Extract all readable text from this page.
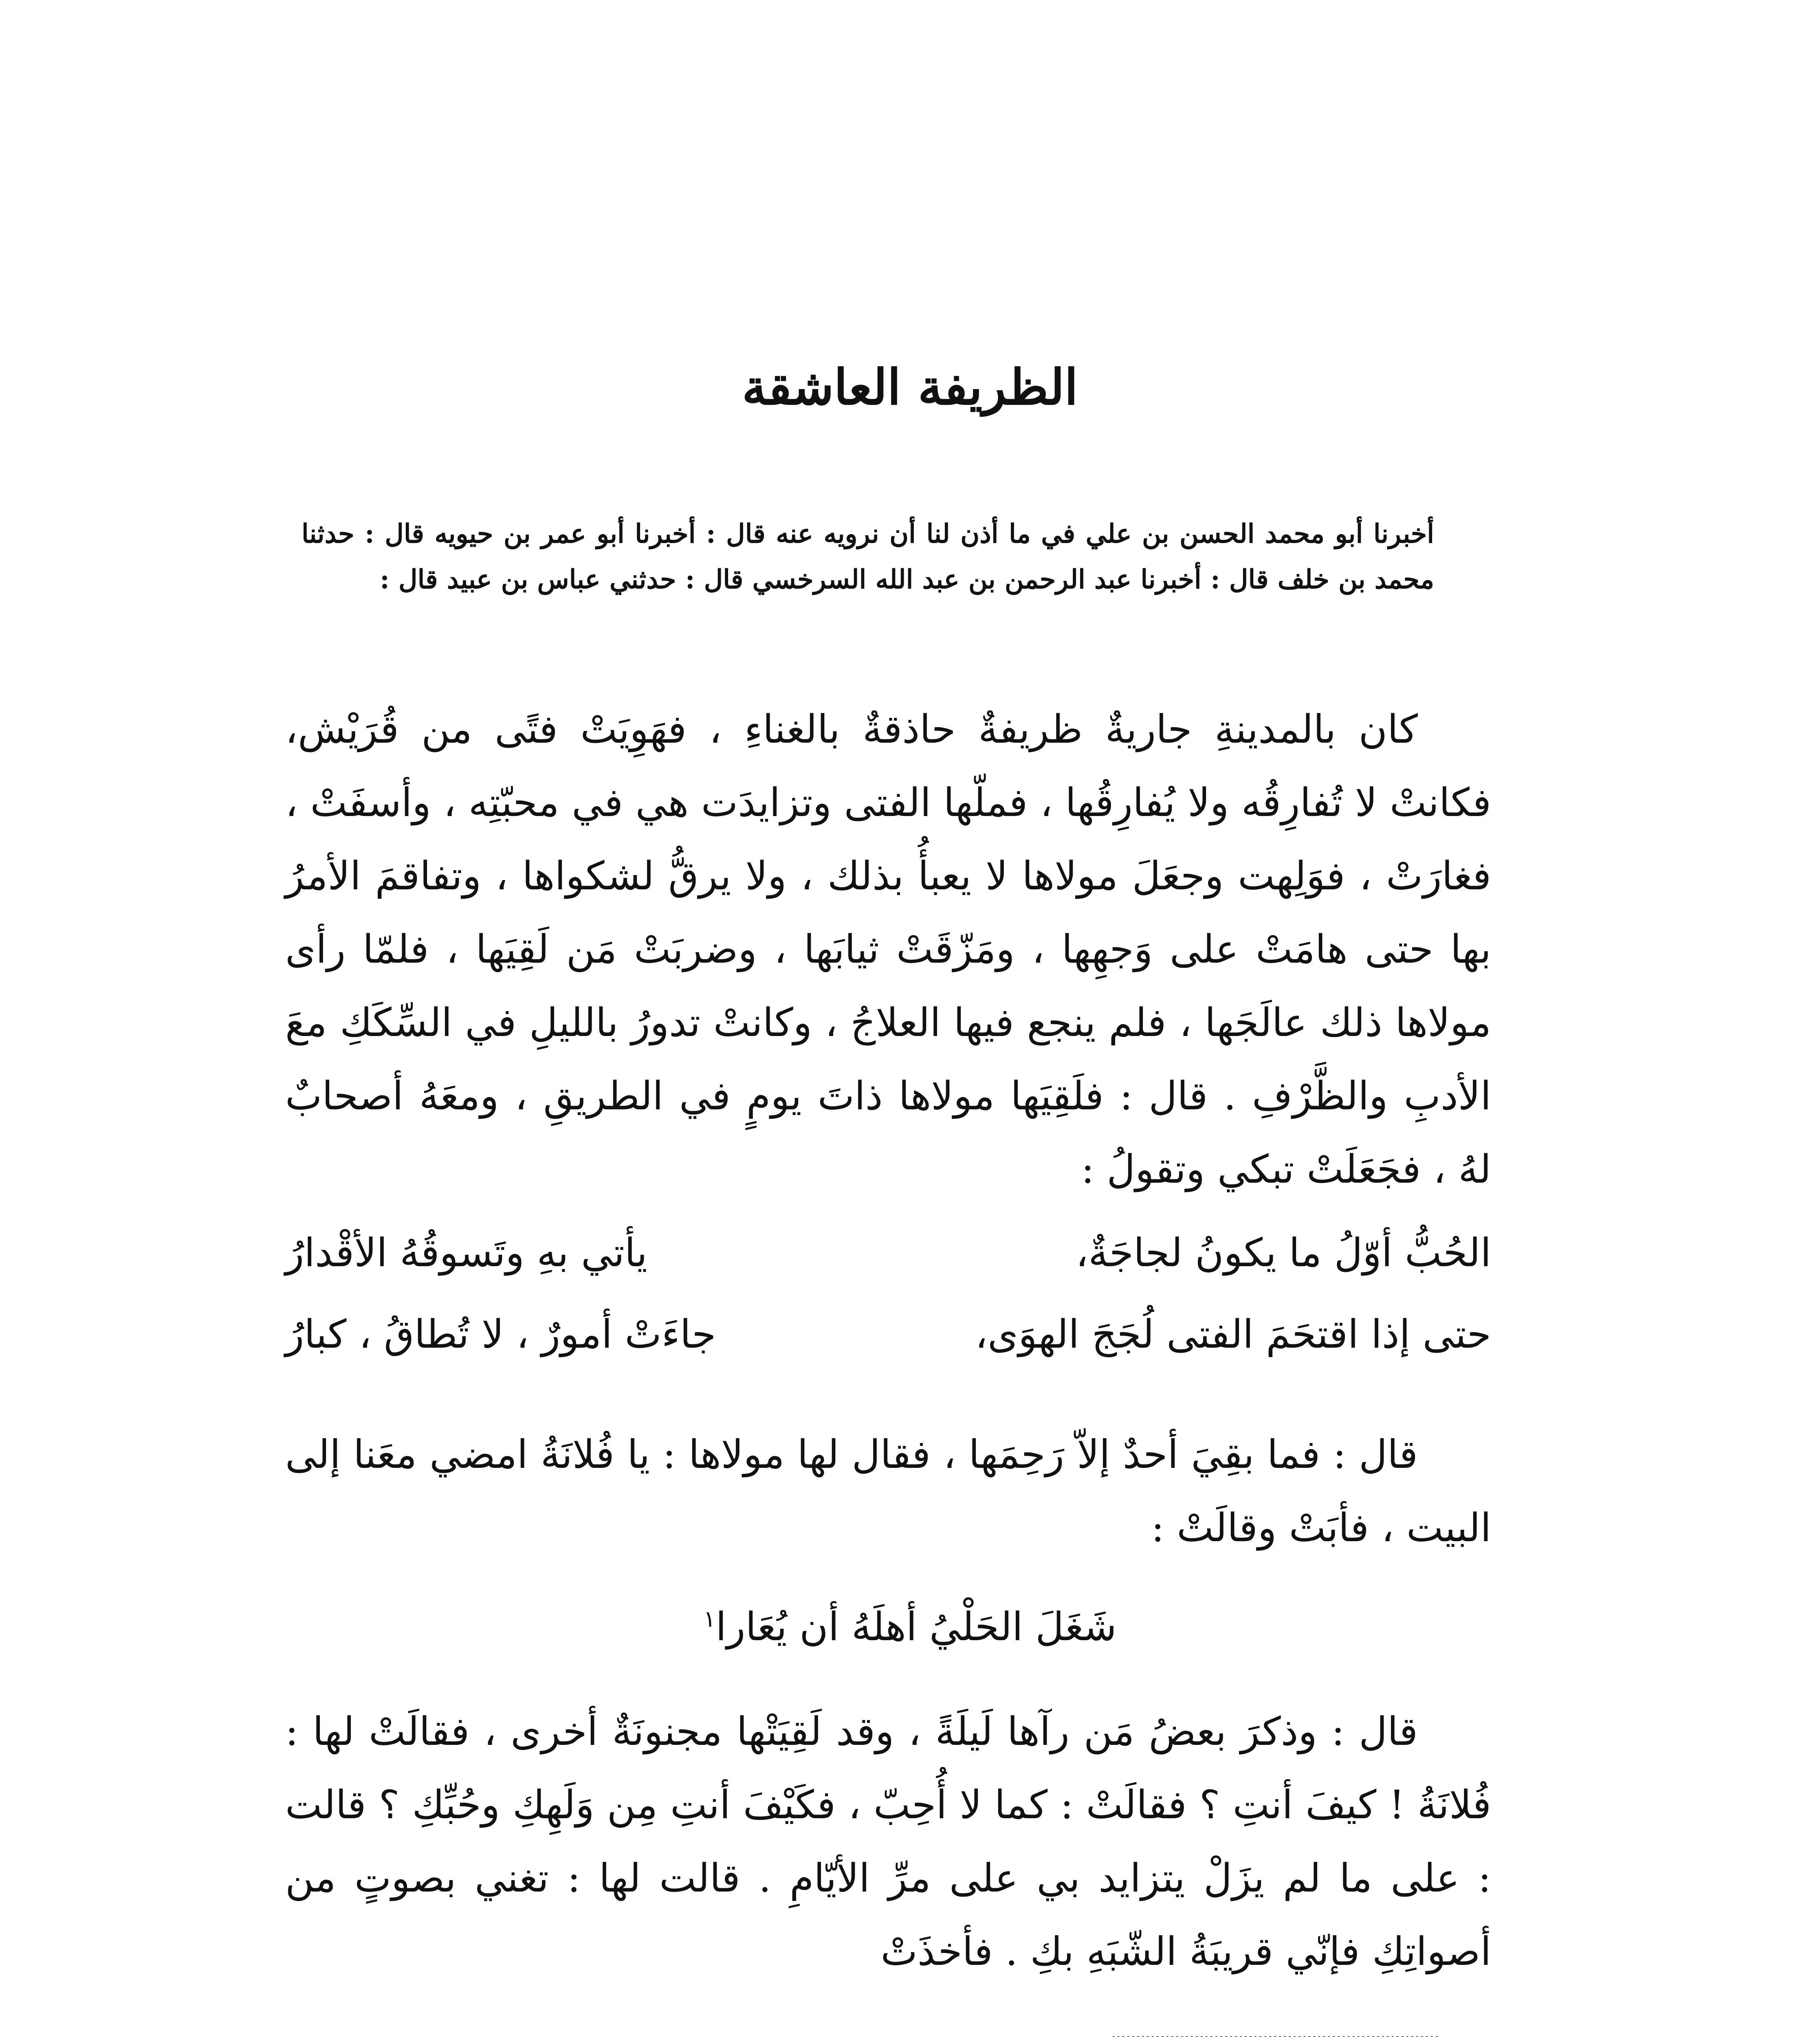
الظريفة العاشقة
أخبرنا أبو محمد الحسن بن علي في ما أذن لنا أن نرويه عنه قال : أخبرنا أبو عمر بن حيويه قال : حدثنا محمد بن خلف قال : أخبرنا عبد الرحمن بن عبد الله السرخسي قال : حدثني عباس بن عبيد قال :

كان بالمدينةِ جاريةٌ ظريفةٌ حاذقةٌ بالغناءِ ، فهَوِيَتْ فتًى من قُرَيْش، فكانتْ لا تُفارِقُه ولا يُفارِقُها ، فملّها الفتى وتزايدَت هي في محبّتِه ، وأسفَتْ ، فغارَتْ ، فوَلِهت وجعَلَ مولاها لا يعبأُ بذلك ، ولا يرقُّ لشكواها ، وتفاقمَ الأمرُ بها حتى هامَتْ على وَجهِها ، ومَزّقَتْ ثيابَها ، وضربَتْ مَن لَقِيَها ، فلمّا رأى مولاها ذلك عالَجَها ، فلم ينجع فيها العلاجُ ، وكانتْ تدورُ بالليلِ في السِّكَكِ معَ الأدبِ والظَّرْفِ . قال : فلَقِيَها مولاها ذاتَ يومٍ في الطريقِ ، ومعَهُ أصحابٌ لهُ ، فجَعَلَتْ تبكي وتقولُ :

الحُبُّ أوّلُ ما يكونُ لجاجَةٌ،
يأتي بهِ وتَسوقُهُ الأقْدارُ
حتى إذا اقتحَمَ الفتى لُجَجَ الهوَى،
جاءَتْ أمورٌ ، لا تُطاقُ ، كبارُ

قال : فما بقِيَ أحدٌ إلاّ رَحِمَها ، فقال لها مولاها : يا فُلانَةُ امضي معَنا إلى البيت ، فأبَتْ وقالَتْ :

شَغَلَ الحَلْيُ أهلَهُ أن يُعَارا$^١$

قال : وذكرَ بعضُ مَن رآها لَيلَةً ، وقد لَقِيَتْها مجنونَةٌ أخرى ، فقالَتْ لها : فُلانَةُ ! كيفَ أنتِ ؟ فقالَتْ : كما لا أُحِبّ ، فكَيْفَ أنتِ مِن وَلَهِكِ وحُبِّكِ ؟ قالت : على ما لم يزَلْ يتزايد بي على مرِّ الأيّامِ . قالت لها : تغني بصوتٍ من أصواتِكِ فإنّي قريبَةُ الشّبَهِ بكِ . فأخذَتْ
